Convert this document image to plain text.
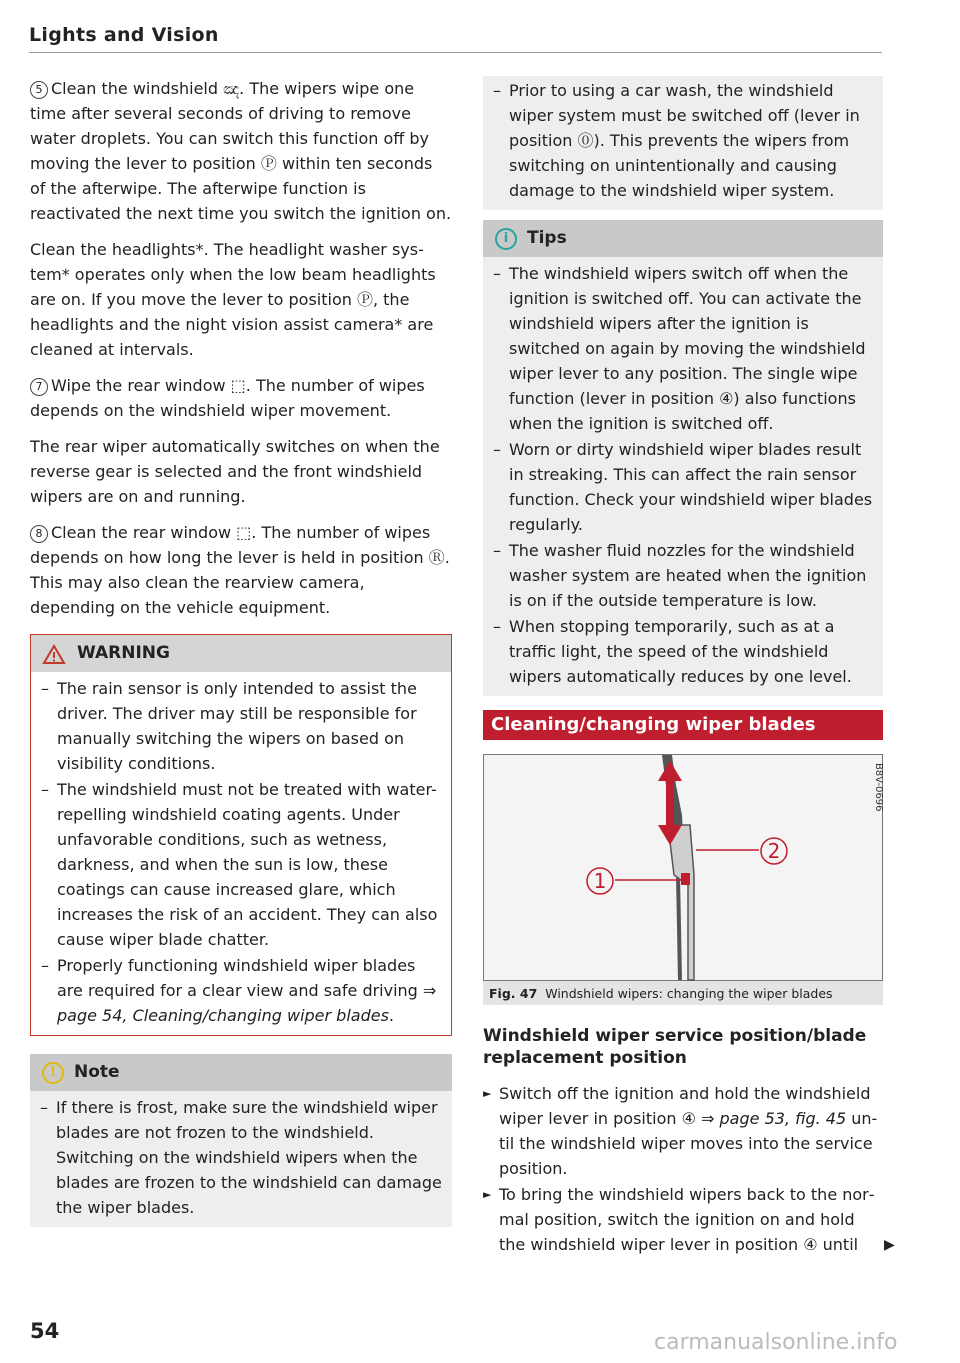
Lights and Vision

5 Clean the windshield ඤ. The wipers wipe one time after several seconds of driving to remove water droplets. You can switch this function off by moving the lever to position Ⓟ within ten seconds of the afterwipe. The afterwipe function is reactivated the next time you switch the ignition on.

Clean the headlights*. The headlight washer system* operates only when the low beam headlights are on. If you move the lever to position Ⓟ, the headlights and the night vision assist camera* are cleaned at intervals.

7 Wipe the rear window ⬚. The number of wipes depends on the windshield wiper movement.

The rear wiper automatically switches on when the reverse gear is selected and the front windshield wipers are on and running.

8 Clean the rear window ⬚. The number of wipes depends on how long the lever is held in position Ⓡ. This may also clean the rearview camera, depending on the vehicle equipment.

WARNING
– The rain sensor is only intended to assist the driver. The driver may still be responsible for manually switching the wipers on based on visibility conditions.
– The windshield must not be treated with water-repelling windshield coating agents. Under unfavorable conditions, such as wetness, darkness, and when the sun is low, these coatings can cause increased glare, which increases the risk of an accident. They can also cause wiper blade chatter.
– Properly functioning windshield wiper blades are required for a clear view and safe driving ⇒ page 54, Cleaning/changing wiper blades.
!	Note
– If there is frost, make sure the windshield wiper blades are not frozen to the windshield. Switching on the windshield wipers when the blades are frozen to the windshield can damage the wiper blades.
– Prior to using a car wash, the windshield wiper system must be switched off (lever in position ⓪). This prevents the wipers from switching on unintentionally and causing damage to the windshield wiper system.
i	Tips
– The windshield wipers switch off when the ignition is switched off. You can activate the windshield wipers after the ignition is switched on again by moving the windshield wiper lever to any position. The single wipe function (lever in position ④) also functions when the ignition is switched off.
– Worn or dirty windshield wiper blades result in streaking. This can affect the rain sensor function. Check your windshield wiper blades regularly.
– The washer fluid nozzles for the windshield washer system are heated when the ignition is on if the outside temperature is low.
– When stopping temporarily, such as at a traffic light, the speed of the windshield wipers automatically reduces by one level.
Cleaning/changing wiper blades
1
2
B8V-0696
Fig. 47 Windshield wipers: changing the wiper blades
Windshield wiper service position/blade replacement position
► Switch off the ignition and hold the windshield wiper lever in position ④ ⇒ page 53, fig. 45 until the windshield wiper moves into the service position.
► To bring the windshield wipers back to the normal position, switch the ignition on and hold the windshield wiper lever in position ④ until	▶
54	carmanualsonline.info
